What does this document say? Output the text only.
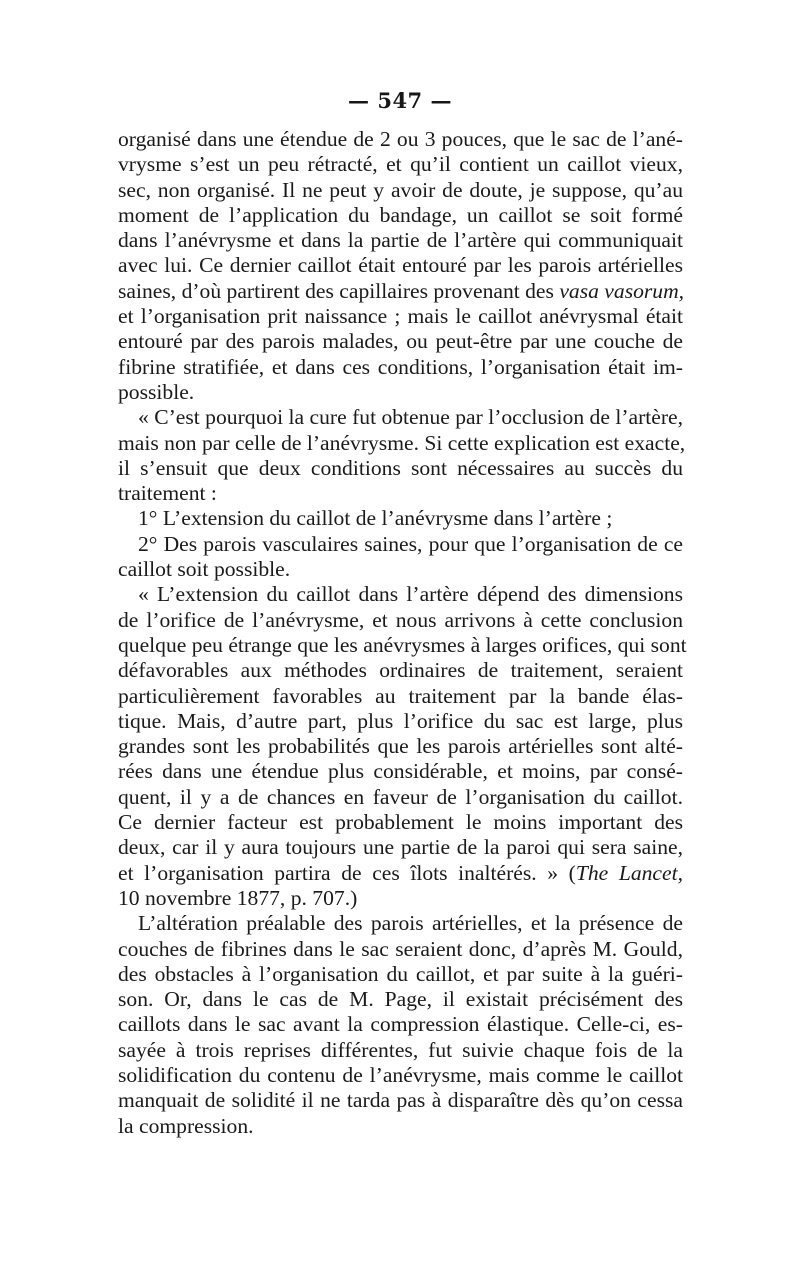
— 547 —
organisé dans une étendue de 2 ou 3 pouces, que le sac de l’ané-
vrysme s’est un peu rétracté, et qu’il contient un caillot vieux,
sec, non organisé. Il ne peut y avoir de doute, je suppose, qu’au
moment de l’application du bandage, un caillot se soit formé
dans l’anévrysme et dans la partie de l’artère qui communiquait
avec lui. Ce dernier caillot était entouré par les parois artérielles
saines, d’où partirent des capillaires provenant des vasa vasorum,
et l’organisation prit naissance ; mais le caillot anévrysmal était
entouré par des parois malades, ou peut-être par une couche de
fibrine stratifiée, et dans ces conditions, l’organisation était im-
possible.
« C’est pourquoi la cure fut obtenue par l’occlusion de l’artère,
mais non par celle de l’anévrysme. Si cette explication est exacte,
il s’ensuit que deux conditions sont nécessaires au succès du
traitement :
1° L’extension du caillot de l’anévrysme dans l’artère ;
2° Des parois vasculaires saines, pour que l’organisation de ce
caillot soit possible.
« L’extension du caillot dans l’artère dépend des dimensions
de l’orifice de l’anévrysme, et nous arrivons à cette conclusion
quelque peu étrange que les anévrysmes à larges orifices, qui sont
défavorables aux méthodes ordinaires de traitement, seraient
particulièrement favorables au traitement par la bande élas-
tique. Mais, d’autre part, plus l’orifice du sac est large, plus
grandes sont les probabilités que les parois artérielles sont alté-
rées dans une étendue plus considérable, et moins, par consé-
quent, il y a de chances en faveur de l’organisation du caillot.
Ce dernier facteur est probablement le moins important des
deux, car il y aura toujours une partie de la paroi qui sera saine,
et l’organisation partira de ces îlots inaltérés. » (The Lancet,
10 novembre 1877, p. 707.)
L’altération préalable des parois artérielles, et la présence de
couches de fibrines dans le sac seraient donc, d’après M. Gould,
des obstacles à l’organisation du caillot, et par suite à la guéri-
son. Or, dans le cas de M. Page, il existait précisément des
caillots dans le sac avant la compression élastique. Celle-ci, es-
sayée à trois reprises différentes, fut suivie chaque fois de la
solidification du contenu de l’anévrysme, mais comme le caillot
manquait de solidité il ne tarda pas à disparaître dès qu’on cessa
la compression.
